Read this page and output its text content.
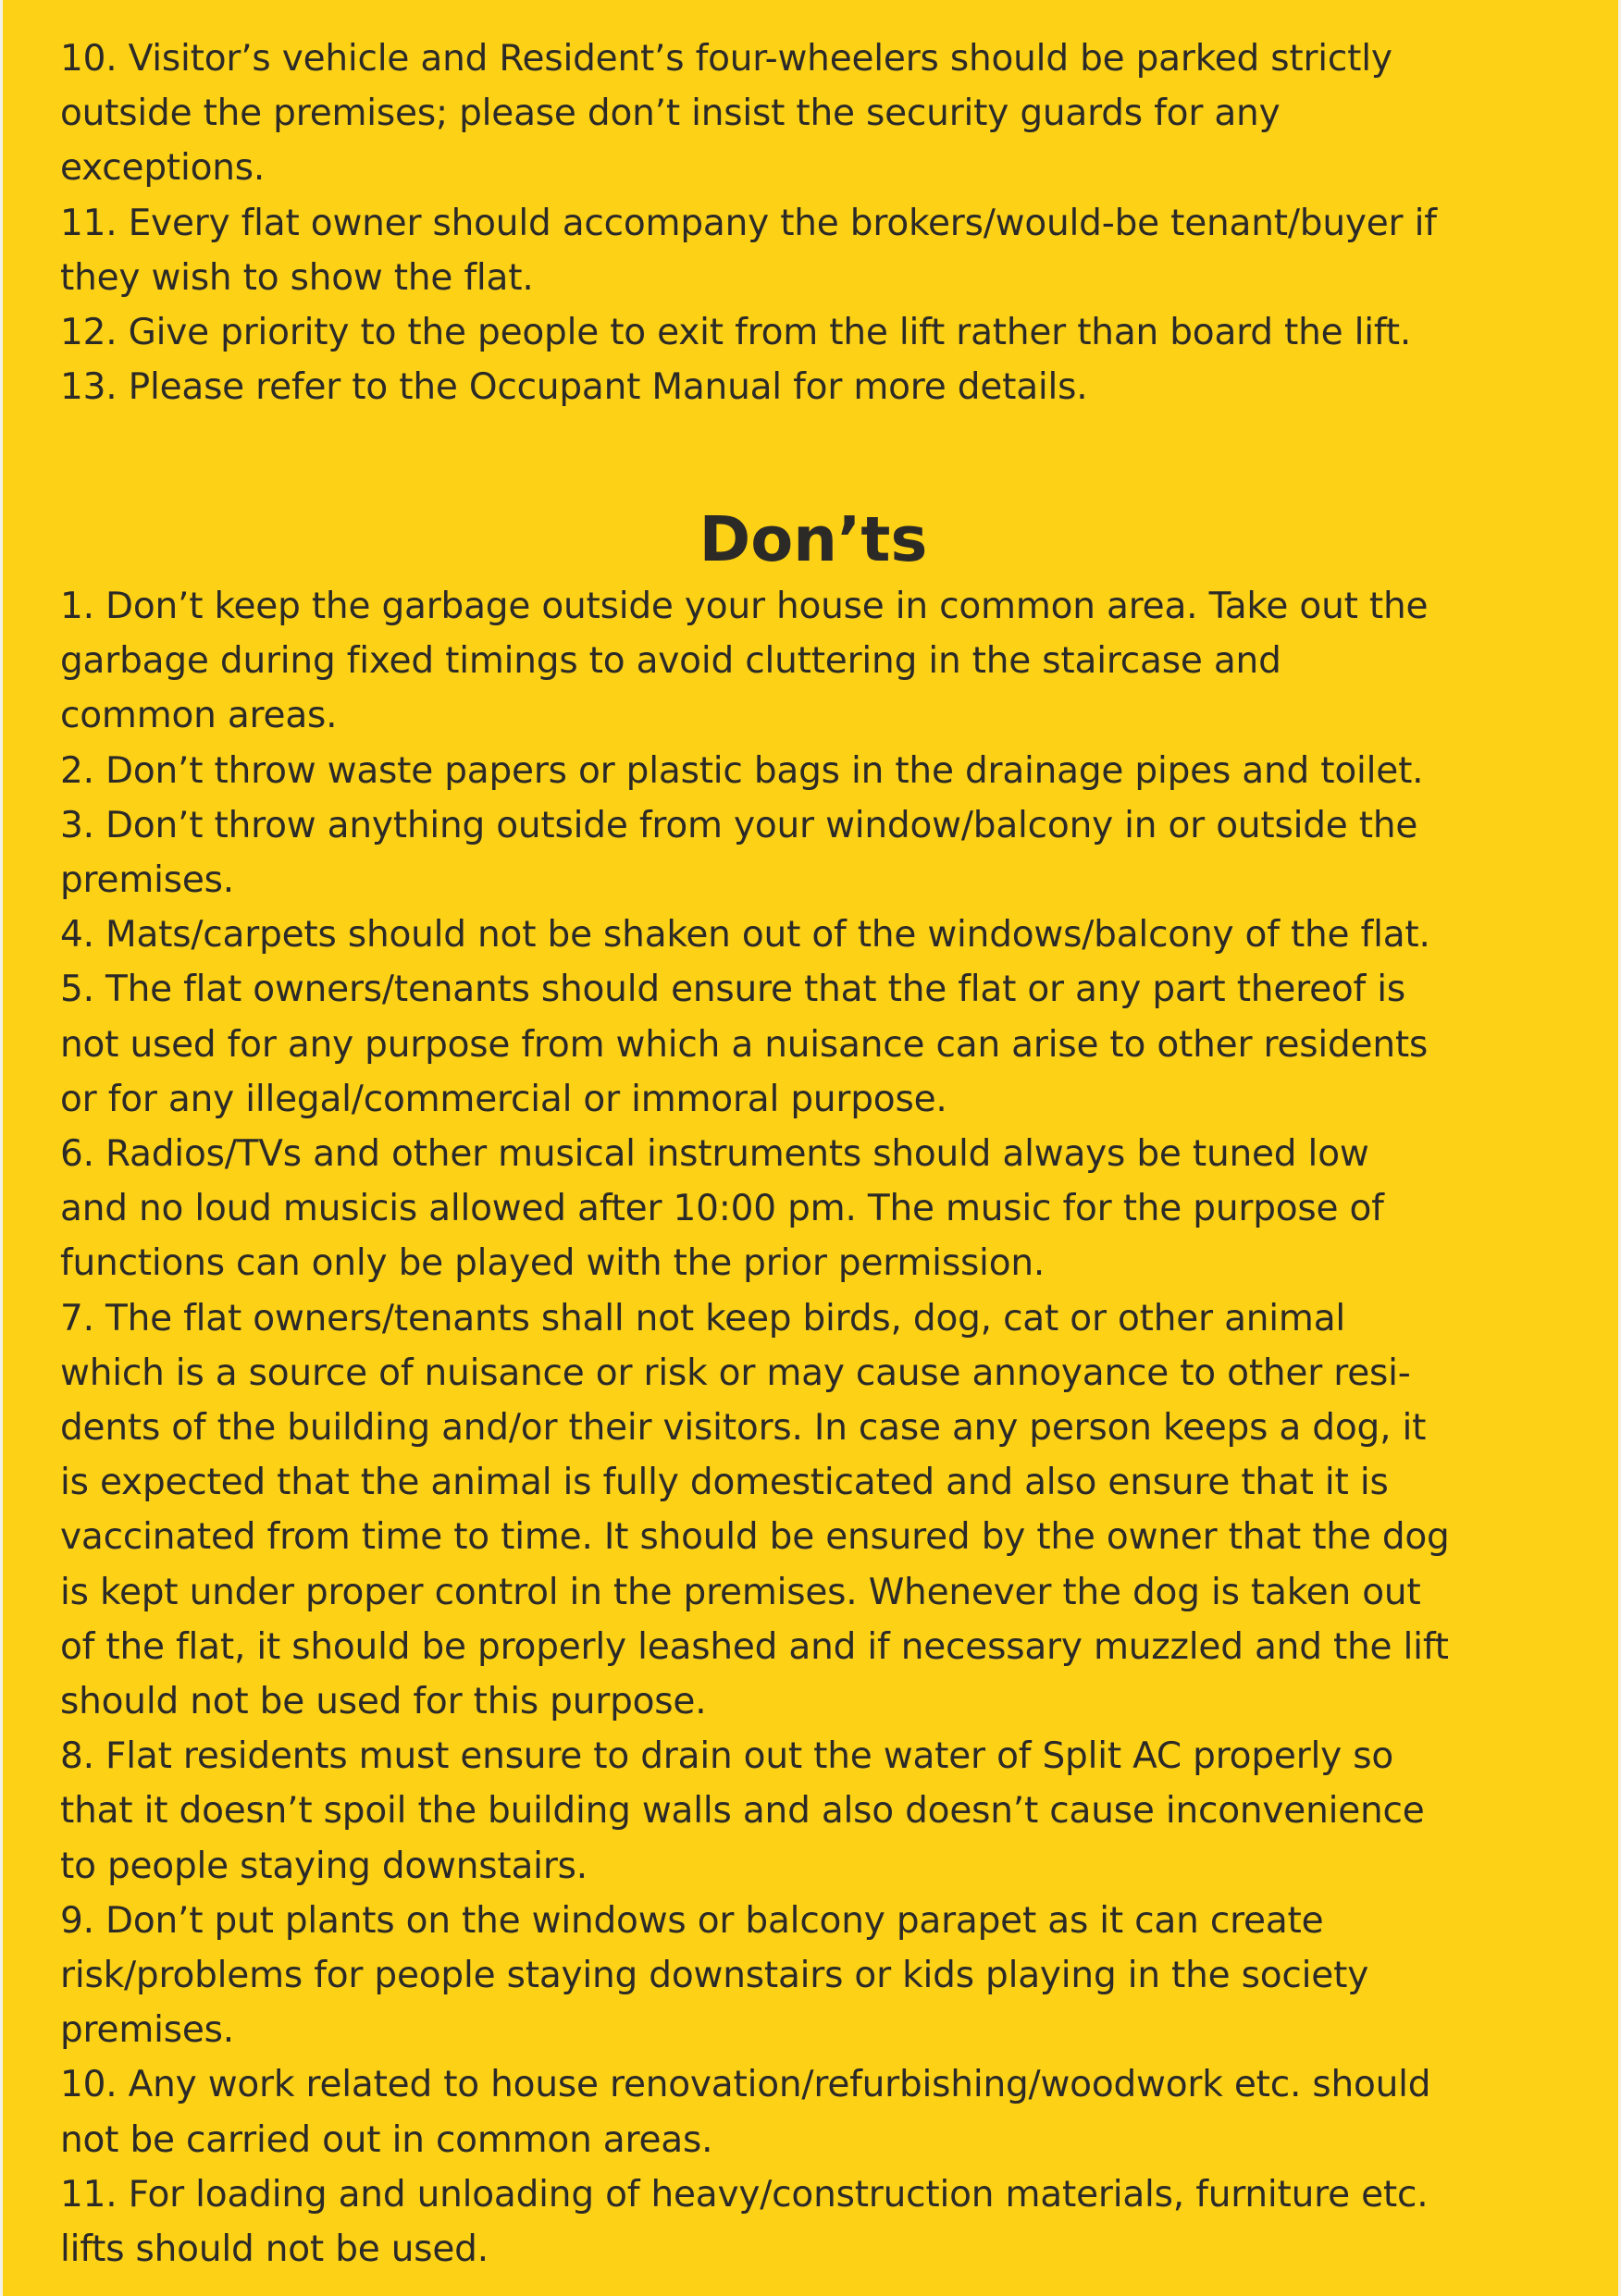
10. Visitor’s vehicle and Resident’s four-wheelers should be parked strictly
outside the premises; please don’t insist the security guards for any
exceptions.
11. Every flat owner should accompany the brokers/would-be tenant/buyer if
they wish to show the flat.
12. Give priority to the people to exit from the lift rather than board the lift.
13. Please refer to the Occupant Manual for more details.
Don’ts
1. Don’t keep the garbage outside your house in common area. Take out the
garbage during fixed timings to avoid cluttering in the staircase and
common areas.
2. Don’t throw waste papers or plastic bags in the drainage pipes and toilet.
3. Don’t throw anything outside from your window/balcony in or outside the
premises.
4. Mats/carpets should not be shaken out of the windows/balcony of the flat.
5. The flat owners/tenants should ensure that the flat or any part thereof is
not used for any purpose from which a nuisance can arise to other residents
or for any illegal/commercial or immoral purpose.
6. Radios/TVs and other musical instruments should always be tuned low
and no loud musicis allowed after 10:00 pm. The music for the purpose of
functions can only be played with the prior permission.
7. The flat owners/tenants shall not keep birds, dog, cat or other animal
which is a source of nuisance or risk or may cause annoyance to other resi-
dents of the building and/or their visitors. In case any person keeps a dog, it
is expected that the animal is fully domesticated and also ensure that it is
vaccinated from time to time. It should be ensured by the owner that the dog
is kept under proper control in the premises. Whenever the dog is taken out
of the flat, it should be properly leashed and if necessary muzzled and the lift
should not be used for this purpose.
8. Flat residents must ensure to drain out the water of Split AC properly so
that it doesn’t spoil the building walls and also doesn’t cause inconvenience
to people staying downstairs.
9. Don’t put plants on the windows or balcony parapet as it can create
risk/problems for people staying downstairs or kids playing in the society
premises.
10. Any work related to house renovation/refurbishing/woodwork etc. should
not be carried out in common areas.
11. For loading and unloading of heavy/construction materials, furniture etc.
lifts should not be used.
